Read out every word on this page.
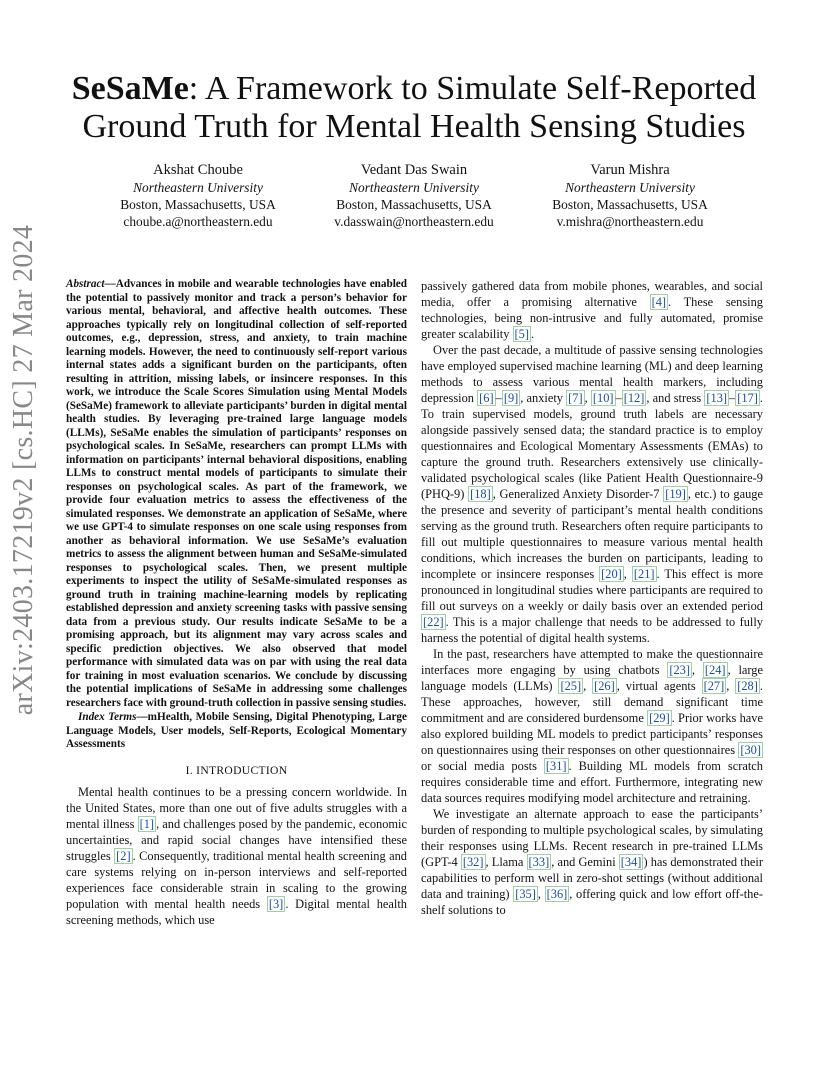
arXiv:2403.17219v2 [cs.HC] 27 Mar 2024
SeSaMe: A Framework to Simulate Self-Reported Ground Truth for Mental Health Sensing Studies
Akshat Choube
Northeastern University
Boston, Massachusetts, USA
choube.a@northeastern.edu
Vedant Das Swain
Northeastern University
Boston, Massachusetts, USA
v.dasswain@northeastern.edu
Varun Mishra
Northeastern University
Boston, Massachusetts, USA
v.mishra@northeastern.edu

Abstract—Advances in mobile and wearable technologies have enabled the potential to passively monitor and track a person’s behavior for various mental, behavioral, and affective health outcomes. These approaches typically rely on longitudinal collection of self-reported outcomes, e.g., depression, stress, and anxiety, to train machine learning models. However, the need to continuously self-report various internal states adds a significant burden on the participants, often resulting in attrition, missing labels, or insincere responses. In this work, we introduce the Scale Scores Simulation using Mental Models (SeSaMe) framework to alleviate participants’ burden in digital mental health studies. By leveraging pre-trained large language models (LLMs), SeSaMe enables the simulation of participants’ responses on psychological scales. In SeSaMe, researchers can prompt LLMs with information on participants’ internal behavioral dispositions, enabling LLMs to construct mental models of participants to simulate their responses on psychological scales. As part of the framework, we provide four evaluation metrics to assess the effectiveness of the simulated responses. We demonstrate an application of SeSaMe, where we use GPT-4 to simulate responses on one scale using responses from another as behavioral information. We use SeSaMe’s evaluation metrics to assess the alignment between human and SeSaMe-simulated responses to psychological scales. Then, we present multiple experiments to inspect the utility of SeSaMe-simulated responses as ground truth in training machine-learning models by replicating established depression and anxiety screening tasks with passive sensing data from a previous study. Our results indicate SeSaMe to be a promising approach, but its alignment may vary across scales and specific prediction objectives. We also observed that model performance with simulated data was on par with using the real data for training in most evaluation scenarios. We conclude by discussing the potential implications of SeSaMe in addressing some challenges researchers face with ground-truth collection in passive sensing studies.

Index Terms—mHealth, Mobile Sensing, Digital Phenotyping, Large Language Models, User models, Self-Reports, Ecological Momentary Assessments

I. INTRODUCTION

Mental health continues to be a pressing concern worldwide. In the United States, more than one out of five adults struggles with a mental illness [1] , and challenges posed by the pandemic, economic uncertainties, and rapid social changes have intensified these struggles [2] . Consequently, traditional mental health screening and care systems relying on in-person interviews and self-reported experiences face considerable strain in scaling to the growing population with mental health needs [3] . Digital mental health screening methods, which use

passively gathered data from mobile phones, wearables, and social media, offer a promising alternative [4] . These sensing technologies, being non-intrusive and fully automated, promise greater scalability [5] .

Over the past decade, a multitude of passive sensing technologies have employed supervised machine learning (ML) and deep learning methods to assess various mental health markers, including depression [6] – [9] , anxiety [7] , [10] – [12] , and stress [13] – [17] . To train supervised models, ground truth labels are necessary alongside passively sensed data; the standard practice is to employ questionnaires and Ecological Momentary Assessments (EMAs) to capture the ground truth. Researchers extensively use clinically-validated psychological scales (like Patient Health Questionnaire-9 (PHQ-9) [18] , Generalized Anxiety Disorder-7 [19] , etc.) to gauge the presence and severity of participant’s mental health conditions serving as the ground truth. Researchers often require participants to fill out multiple questionnaires to measure various mental health conditions, which increases the burden on participants, leading to incomplete or insincere responses [20] , [21] . This effect is more pronounced in longitudinal studies where participants are required to fill out surveys on a weekly or daily basis over an extended period [22] . This is a major challenge that needs to be addressed to fully harness the potential of digital health systems.

In the past, researchers have attempted to make the questionnaire interfaces more engaging by using chatbots [23] , [24] , large language models (LLMs) [25] , [26] , virtual agents [27] , [28] . These approaches, however, still demand significant time commitment and are considered burdensome [29] . Prior works have also explored building ML models to predict participants’ responses on questionnaires using their responses on other questionnaires [30] or social media posts [31] . Building ML models from scratch requires considerable time and effort. Furthermore, integrating new data sources requires modifying model architecture and retraining.

We investigate an alternate approach to ease the participants’ burden of responding to multiple psychological scales, by simulating their responses using LLMs. Recent research in pre-trained LLMs (GPT-4 [32] , Llama [33] , and Gemini [34] ) has demonstrated their capabilities to perform well in zero-shot settings (without additional data and training) [35] , [36] , offering quick and low effort off-the-shelf solutions to
